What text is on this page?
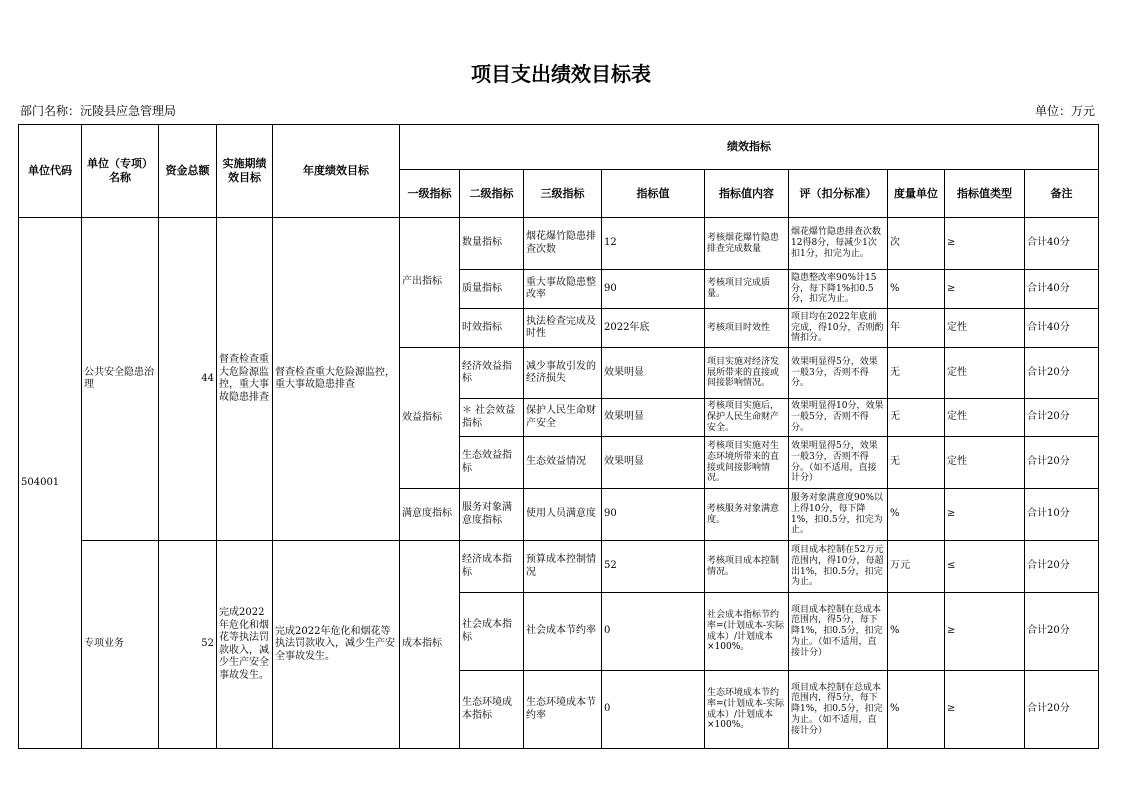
项目支出绩效目标表
部门名称：沅陵县应急管理局	单位：万元
单位代码	单位（专项）名称	资金总额	实施期绩效目标	年度绩效目标	绩效指标								
					一级指标	二级指标	三级指标	指标值	指标值内容	评（扣分标准）	度量单位	指标值类型	备注
504001	公共安全隐患治理	44	督查检查重大危险源监控，重大事故隐患排查	督查检查重大危险源监控，重大事故隐患排查	产出指标	数量指标	烟花爆竹隐患排查次数	12	考核烟花爆竹隐患排查完成数量	烟花爆竹隐患排查次数12得8分，每减少1次扣1分，扣完为止。	次	≥	合计40分
						质量指标	重大事故隐患整改率	90	考核项目完成质量。	隐患整改率90%计15分，每下降1%扣0.5分，扣完为止。	%	≥	合计40分
						时效指标	执法检查完成及时性	2022年底	考核项目时效性	项目均在2022年底前完成，得10分，否则酌情扣分。	年	定性	合计40分
					效益指标	经济效益指标	减少事故引发的经济损失	效果明显	项目实施对经济发展所带来的直接或间接影响情况。	效果明显得5分，效果一般3分，否则不得分。	无	定性	合计20分
						＊ 社会效益指标	保护人民生命财产安全	效果明显	考核项目实施后，保护人民生命财产安全。	效果明显得10分，效果一般5分，否则不得分。	无	定性	合计20分
						生态效益指标	生态效益情况	效果明显	考核项目实施对生态环境所带来的直接或间接影响情况。	效果明显得5分，效果一般3分，否则不得分。（如不适用，直接计分）	无	定性	合计20分
					满意度指标	服务对象满意度指标	使用人员满意度	90	考核服务对象满意度。	服务对象满意度90%以上得10分，每下降1%，扣0.5分，扣完为止。	%	≥	合计10分
	专项业务	52	完成2022年危化和烟花等执法罚款收入，减少生产安全事故发生。	完成2022年危化和烟花等执法罚款收入，减少生产安全事故发生。	成本指标	经济成本指标	预算成本控制情况	52	考核项目成本控制情况。	项目成本控制在52万元范围内，得10分，每超出1%，扣0.5分，扣完为止。	万元	≤	合计20分
						社会成本指标	社会成本节约率	0	社会成本指标节约率=(计划成本-实际成本）/计划成本×100%。	项目成本控制在总成本范围内，得5分，每下降1%，扣0.5分，扣完为止。（如不适用，直接计分）	%	≥	合计20分
						生态环境成本指标	生态环境成本节约率	0	生态环境成本节约率=(计划成本-实际成本）/计划成本×100%。	项目成本控制在总成本范围内，得5分，每下降1%，扣0.5分，扣完为止。（如不适用，直接计分）	%	≥	合计20分
